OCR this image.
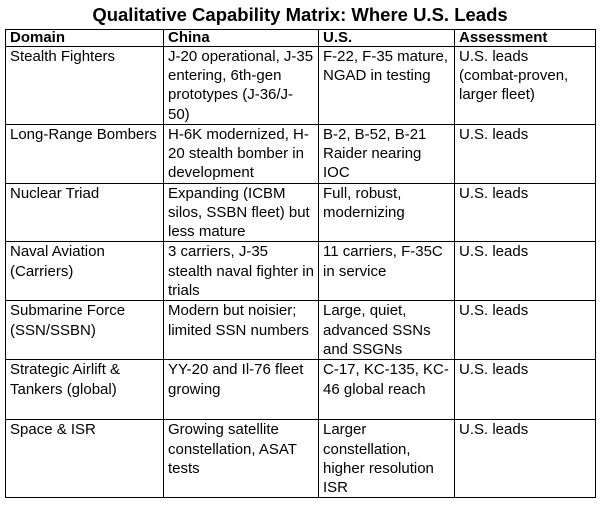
Qualitative Capability Matrix: Where U.S. Leads
Domain	China	U.S.	Assessment
Stealth Fighters	J-20 operational, J-35 entering, 6th-gen prototypes (J-36/J-50)	F-22, F-35 mature, NGAD in testing	U.S. leads (combat-proven, larger fleet)
Long-Range Bombers	H-6K modernized, H-20 stealth bomber in development	B-2, B-52, B-21 Raider nearing IOC	U.S. leads
Nuclear Triad	Expanding (ICBM silos, SSBN fleet) but less mature	Full, robust, modernizing	U.S. leads
Naval Aviation (Carriers)	3 carriers, J-35 stealth naval fighter in trials	11 carriers, F-35C in service	U.S. leads
Submarine Force (SSN/SSBN)	Modern but noisier; limited SSN numbers	Large, quiet, advanced SSNs and SSGNs	U.S. leads
Strategic Airlift & Tankers (global)	YY-20 and Il-76 fleet growing	C-17, KC-135, KC-46 global reach	U.S. leads
Space & ISR	Growing satellite constellation, ASAT tests	Larger constellation, higher resolution ISR	U.S. leads
